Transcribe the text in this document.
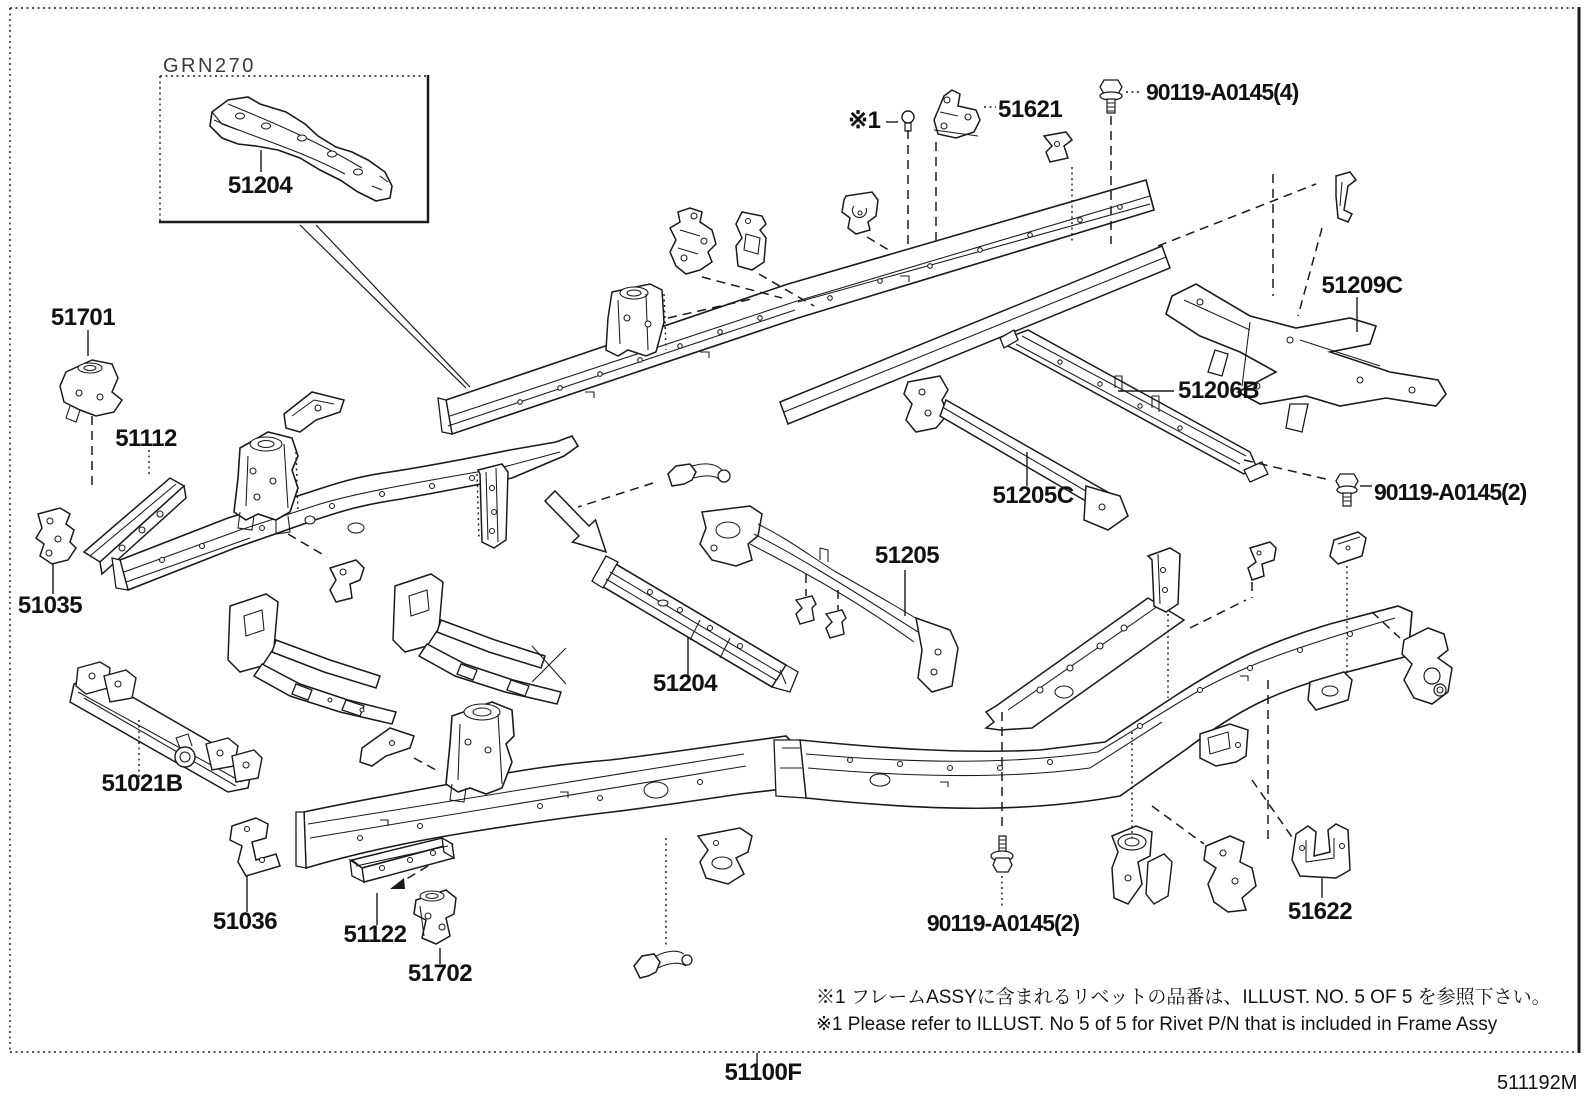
GRN270
51204
※1	51621
90119-A0145(4)
51209C
51206B
90119-A0145(2)
51205C
51205
51204
51701
51112
51035
51021B
51036	51122
51702
90119-A0145(2)	51622
※1 フレームASSYに含まれるリベットの品番は、ILLUST. NO. 5 OF 5 を参照下さい。
※1 Please refer to ILLUST. No 5 of 5 for Rivet P/N that is included in Frame Assy
51100F	511192M
